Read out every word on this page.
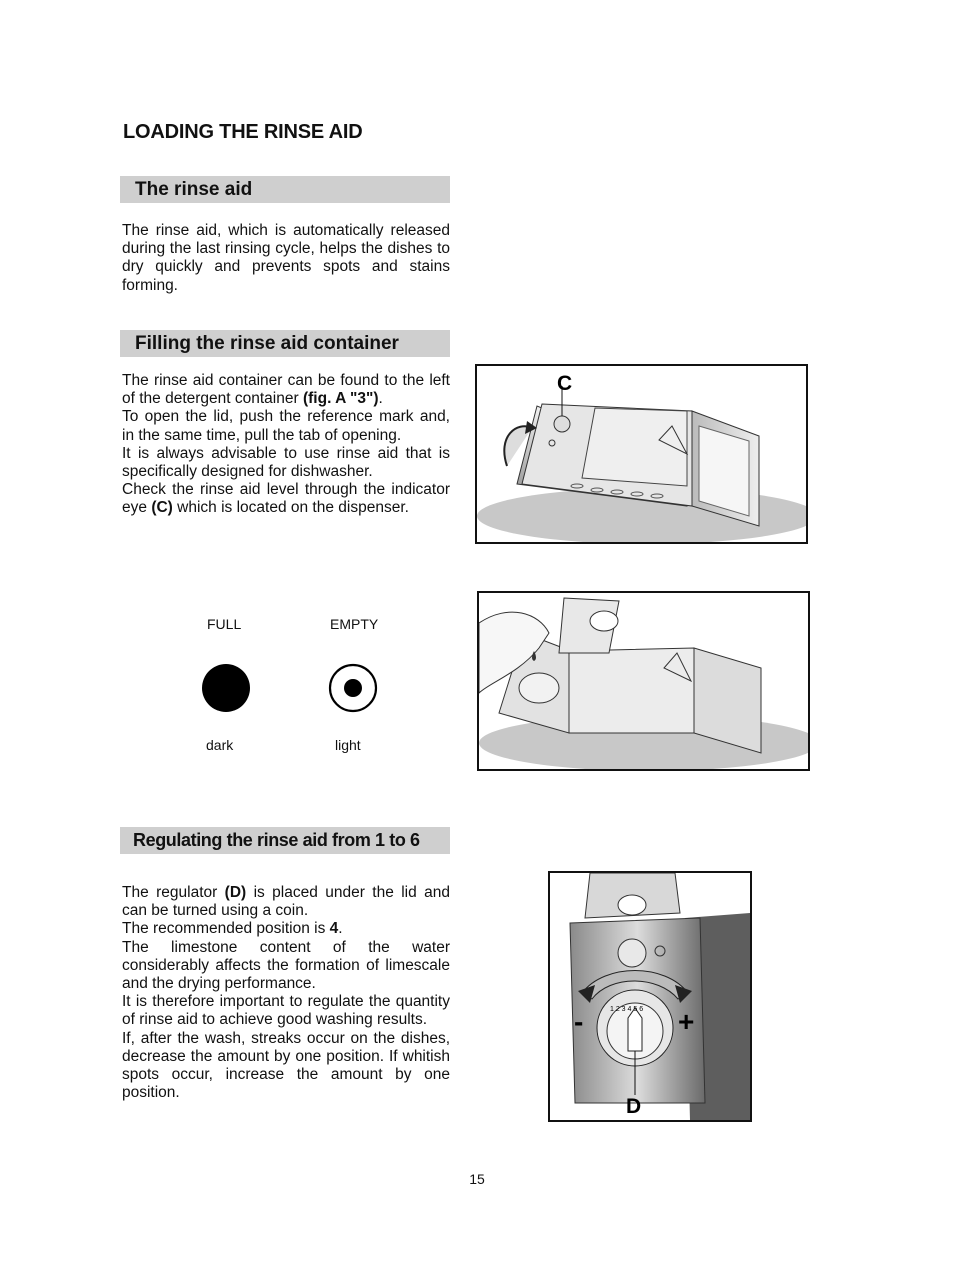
LOADING THE RINSE AID
The rinse aid

The rinse aid, which is automatically released during the last rinsing cycle, helps the dishes to dry quickly and prevents spots and stains forming.

Filling the rinse aid container

The rinse aid container can be found to the left of the detergent container (fig. A "3").

To open the lid, push the reference mark and, in the same time, pull the tab of opening.

It is always advisable to use rinse aid that is specifically designed for dishwasher.

Check the rinse aid level through the indicator eye (C) which is located on the dispenser.

FULL	EMPTY
dark	light
C
Regulating the rinse aid from 1 to 6

The regulator (D) is placed under the lid and can be turned using a coin.

The recommended position is 4.

The limestone content of the water considerably affects the formation of limescale and the drying performance.

It is therefore important to regulate the quantity of rinse aid to achieve good washing results.

If, after the wash, streaks occur on the dishes, decrease the amount by one position. If whitish spots occur, increase the amount by one position.

1 2 3 4 5 6
-	+
D
15
